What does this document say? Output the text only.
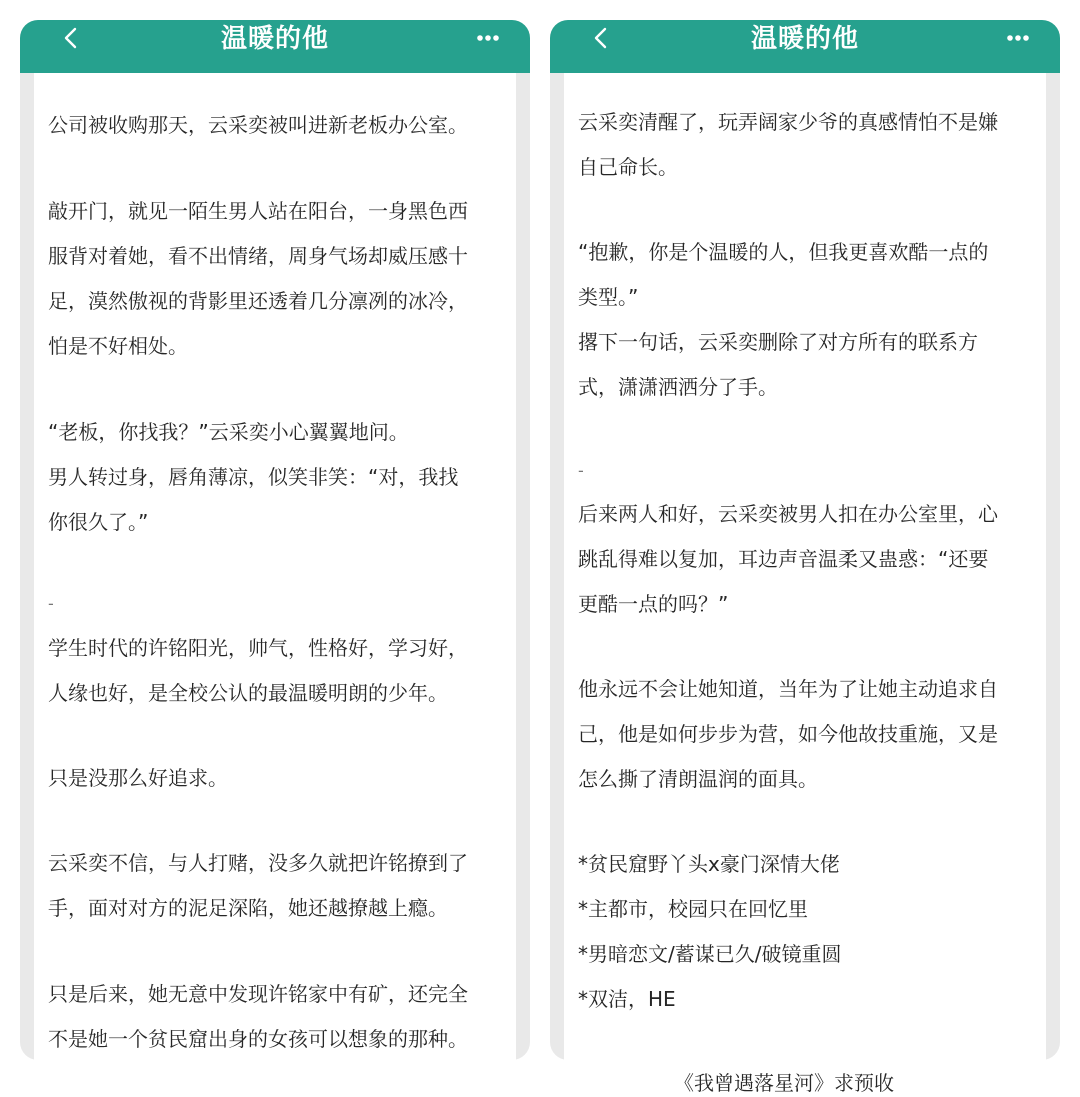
温暖的他
公司被收购那天，云采奕被叫进新老板办公室。
敲开门，就见一陌生男人站在阳台，一身黑色西
服背对着她，看不出情绪，周身气场却威压感十
足，漠然傲视的背影里还透着几分凛冽的冰冷，
怕是不好相处。
“老板，你找我？”云采奕小心翼翼地问。
男人转过身，唇角薄凉，似笑非笑：“对，我找
你很久了。”
-
学生时代的许铭阳光，帅气，性格好，学习好，
人缘也好，是全校公认的最温暖明朗的少年。
只是没那么好追求。
云采奕不信，与人打赌，没多久就把许铭撩到了
手，面对对方的泥足深陷，她还越撩越上瘾。
只是后来，她无意中发现许铭家中有矿，还完全
不是她一个贫民窟出身的女孩可以想象的那种。
温暖的他
云采奕清醒了，玩弄阔家少爷的真感情怕不是嫌
自己命长。
“抱歉，你是个温暖的人，但我更喜欢酷一点的
类型。”
撂下一句话，云采奕删除了对方所有的联系方
式，潇潇洒洒分了手。
-
后来两人和好，云采奕被男人扣在办公室里，心
跳乱得难以复加，耳边声音温柔又蛊惑：“还要
更酷一点的吗？”
他永远不会让她知道，当年为了让她主动追求自
己，他是如何步步为营，如今他故技重施，又是
怎么撕了清朗温润的面具。
*贫民窟野丫头x豪门深情大佬
*主都市，校园只在回忆里
*男暗恋文/蓄谋已久/破镜重圆
*双洁，HE
《我曾遇落星河》求预收
